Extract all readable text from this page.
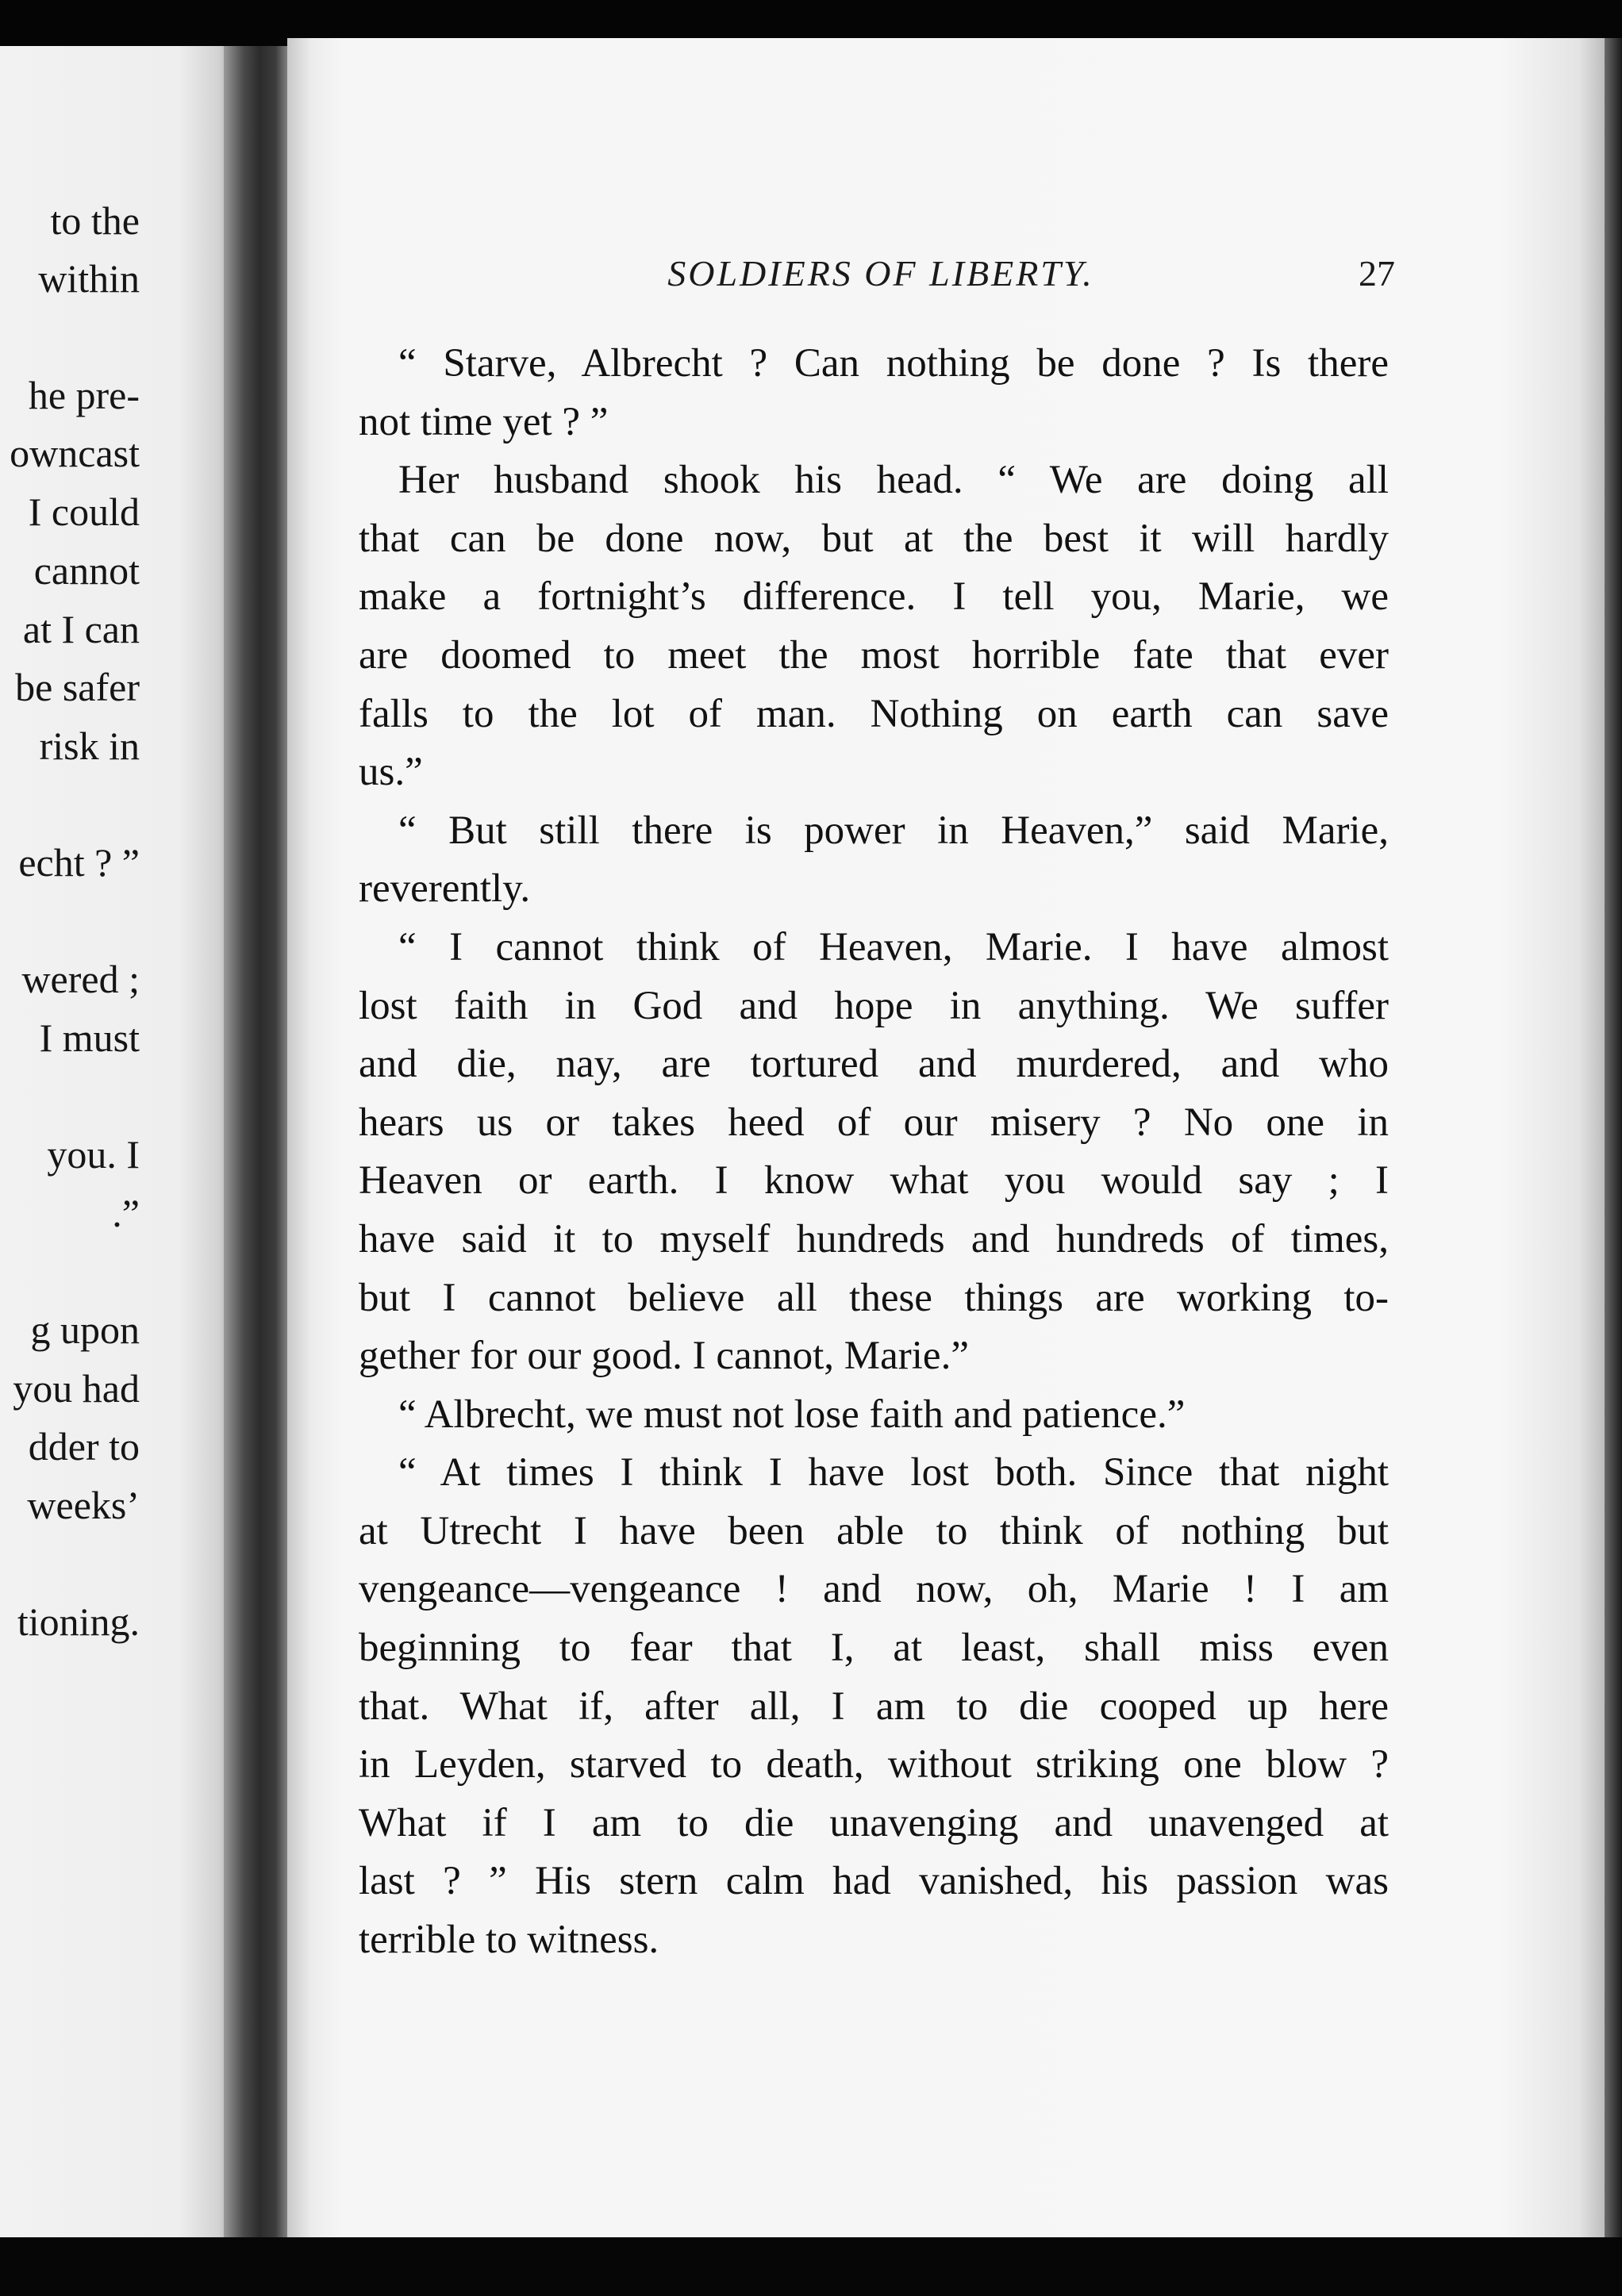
to the
within
he pre-
owncast
I could
cannot
at I can
be safer
risk in
echt ? ”
wered ;
I must
you. I
.”
g upon
you had
dder to
weeks’
tioning.
SOLDIERS OF LIBERTY.	27
“ Starve, Albrecht ? Can nothing be done ? Is there
not time yet ? ”
Her husband shook his head. “ We are doing all
that can be done now, but at the best it will hardly
make a fortnight’s difference. I tell you, Marie, we
are doomed to meet the most horrible fate that ever
falls to the lot of man. Nothing on earth can save
us.”
“ But still there is power in Heaven,” said Marie,
reverently.
“ I cannot think of Heaven, Marie. I have almost
lost faith in God and hope in anything. We suffer
and die, nay, are tortured and murdered, and who
hears us or takes heed of our misery ? No one in
Heaven or earth. I know what you would say ; I
have said it to myself hundreds and hundreds of times,
but I cannot believe all these things are working to-
gether for our good. I cannot, Marie.”
“ Albrecht, we must not lose faith and patience.”
“ At times I think I have lost both. Since that night
at Utrecht I have been able to think of nothing but
vengeance—vengeance ! and now, oh, Marie ! I am
beginning to fear that I, at least, shall miss even
that. What if, after all, I am to die cooped up here
in Leyden, starved to death, without striking one blow ?
What if I am to die unavenging and unavenged at
last ? ” His stern calm had vanished, his passion was
terrible to witness.
